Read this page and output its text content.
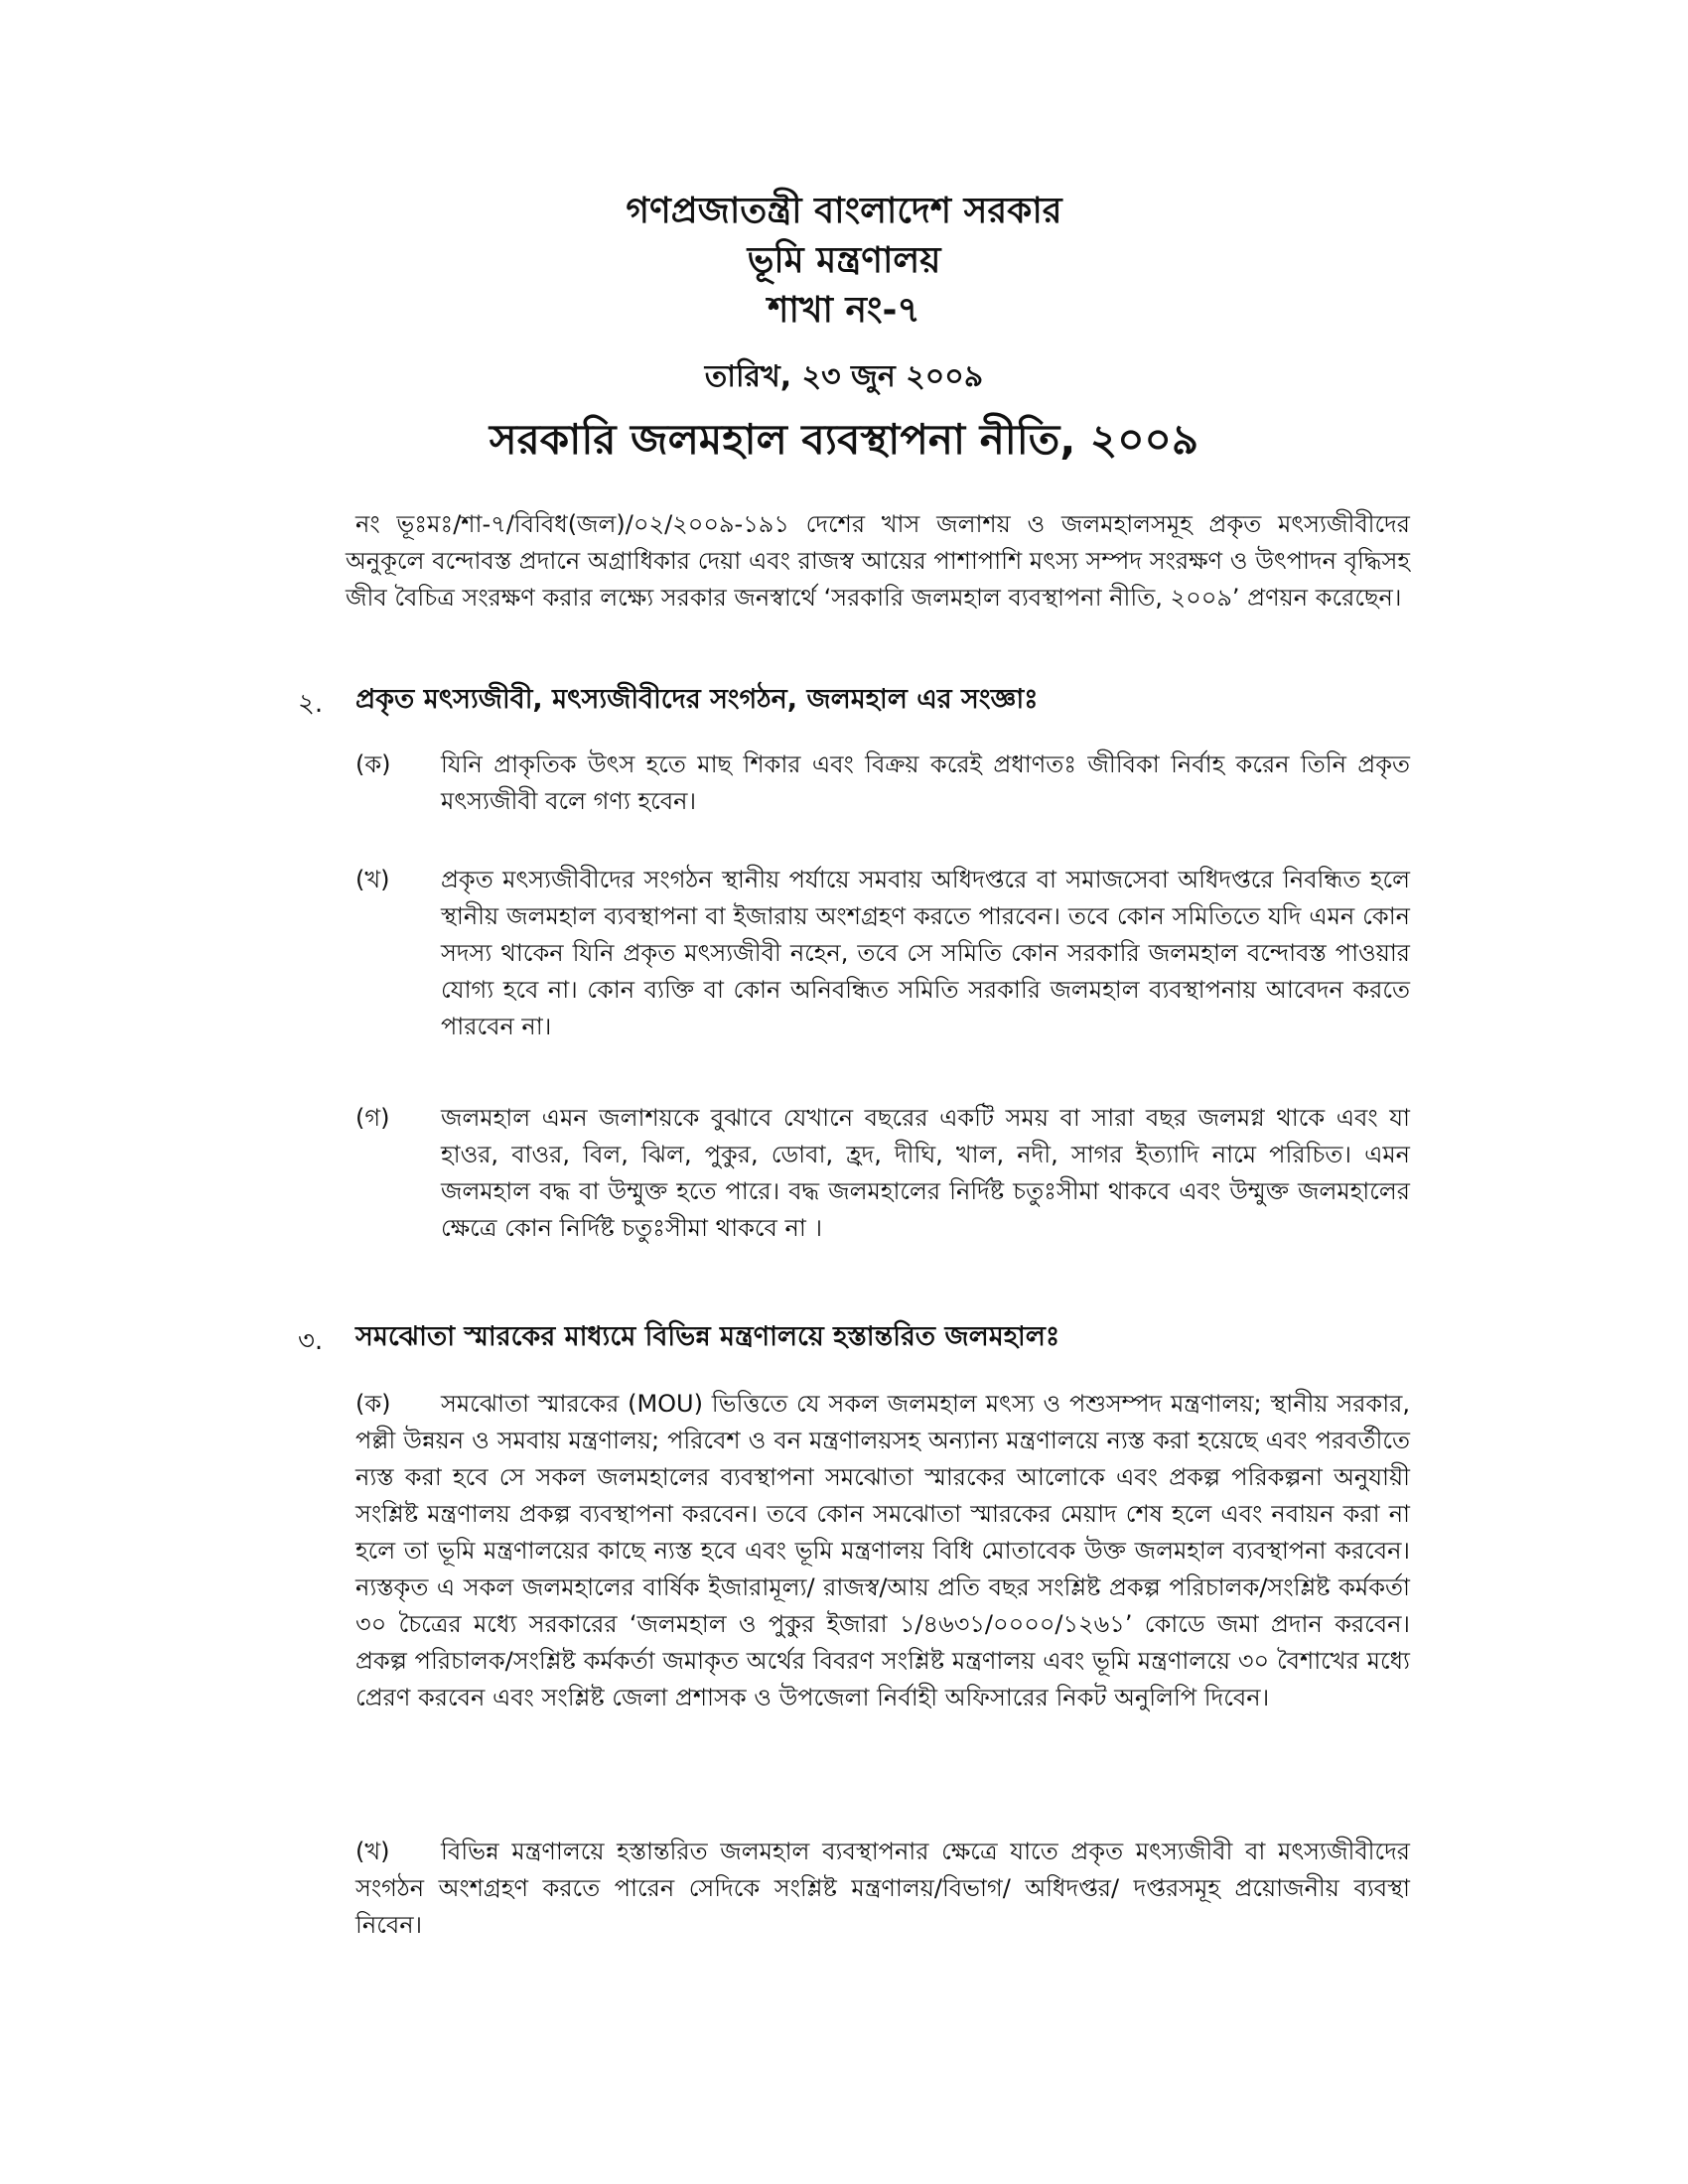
গণপ্রজাতন্ত্রী বাংলাদেশ সরকার
ভূমি মন্ত্রণালয়
শাখা নং-৭
তারিখ, ২৩ জুন ২০০৯
সরকারি জলমহাল ব্যবস্থাপনা নীতি, ২০০৯
নং ভূঃমঃ/শা-৭/বিবিধ(জল)/০২/২০০৯-১৯১ দেশের খাস জলাশয় ও জলমহালসমূহ প্রকৃত মৎস্যজীবীদের অনুকূলে বন্দোবস্ত প্রদানে অগ্রাধিকার দেয়া এবং রাজস্ব আয়ের পাশাপাশি মৎস্য সম্পদ সংরক্ষণ ও উৎপাদন বৃদ্ধিসহ জীব বৈচিত্র সংরক্ষণ করার লক্ষ্যে সরকার জনস্বার্থে ‘সরকারি জলমহাল ব্যবস্থাপনা নীতি, ২০০৯’ প্রণয়ন করেছেন।
২. প্রকৃত মৎস্যজীবী, মৎস্যজীবীদের সংগঠন, জলমহাল এর সংজ্ঞাঃ
(ক) যিনি প্রাকৃতিক উৎস হতে মাছ শিকার এবং বিক্রয় করেই প্রধাণতঃ জীবিকা নির্বাহ করেন তিনি প্রকৃত মৎস্যজীবী বলে গণ্য হবেন।
(খ) প্রকৃত মৎস্যজীবীদের সংগঠন স্থানীয় পর্যায়ে সমবায় অধিদপ্তরে বা সমাজসেবা অধিদপ্তরে নিবন্ধিত হলে স্থানীয় জলমহাল ব্যবস্থাপনা বা ইজারায় অংশগ্রহণ করতে পারবেন। তবে কোন সমিতিতে যদি এমন কোন সদস্য থাকেন যিনি প্রকৃত মৎস্যজীবী নহেন, তবে সে সমিতি কোন সরকারি জলমহাল বন্দোবস্ত পাওয়ার যোগ্য হবে না। কোন ব্যক্তি বা কোন অনিবন্ধিত সমিতি সরকারি জলমহাল ব্যবস্থাপনায় আবেদন করতে পারবেন না।
(গ) জলমহাল এমন জলাশয়কে বুঝাবে যেখানে বছরের একটি সময় বা সারা বছর জলমগ্ন থাকে এবং যা হাওর, বাওর, বিল, ঝিল, পুকুর, ডোবা, হ্রদ, দীঘি, খাল, নদী, সাগর ইত্যাদি নামে পরিচিত। এমন জলমহাল বদ্ধ বা উম্মুক্ত হতে পারে। বদ্ধ জলমহালের নির্দিষ্ট চতুঃসীমা থাকবে এবং উম্মুক্ত জলমহালের ক্ষেত্রে কোন নির্দিষ্ট চতুঃসীমা থাকবে না ।
৩. সমঝোতা স্মারকের মাধ্যমে বিভিন্ন মন্ত্রণালয়ে হস্তান্তরিত জলমহালঃ
(ক)	সমঝোতা স্মারকের (MOU) ভিত্তিতে যে সকল জলমহাল মৎস্য ও পশুসম্পদ মন্ত্রণালয়; স্থানীয় সরকার, পল্লী উন্নয়ন ও সমবায় মন্ত্রণালয়; পরিবেশ ও বন মন্ত্রণালয়সহ অন্যান্য মন্ত্রণালয়ে ন্যস্ত করা হয়েছে এবং পরবর্তীতে ন্যস্ত করা হবে সে সকল জলমহালের ব্যবস্থাপনা সমঝোতা স্মারকের আলোকে এবং প্রকল্প পরিকল্পনা অনুযায়ী সংশ্লিষ্ট মন্ত্রণালয় প্রকল্প ব্যবস্থাপনা করবেন। তবে কোন সমঝোতা স্মারকের মেয়াদ শেষ হলে এবং নবায়ন করা না হলে তা ভূমি মন্ত্রণালয়ের কাছে ন্যস্ত হবে এবং ভূমি মন্ত্রণালয় বিধি মোতাবেক উক্ত জলমহাল ব্যবস্থাপনা করবেন। ন্যস্তকৃত এ সকল জলমহালের বার্ষিক ইজারামূল্য/ রাজস্ব/আয় প্রতি বছর সংশ্লিষ্ট প্রকল্প পরিচালক/সংশ্লিষ্ট কর্মকর্তা ৩০ চৈত্রের মধ্যে সরকারের ‘জলমহাল ও পুকুর ইজারা ১/৪৬৩১/০০০০/১২৬১’ কোডে জমা প্রদান করবেন। প্রকল্প পরিচালক/সংশ্লিষ্ট কর্মকর্তা জমাকৃত অর্থের বিবরণ সংশ্লিষ্ট মন্ত্রণালয় এবং ভূমি মন্ত্রণালয়ে ৩০ বৈশাখের মধ্যে প্রেরণ করবেন এবং সংশ্লিষ্ট জেলা প্রশাসক ও উপজেলা নির্বাহী অফিসারের নিকট অনুলিপি দিবেন।
(খ)	বিভিন্ন মন্ত্রণালয়ে হস্তান্তরিত জলমহাল ব্যবস্থাপনার ক্ষেত্রে যাতে প্রকৃত মৎস্যজীবী বা মৎস্যজীবীদের সংগঠন অংশগ্রহণ করতে পারেন সেদিকে সংশ্লিষ্ট মন্ত্রণালয়/বিভাগ/ অধিদপ্তর/ দপ্তরসমূহ প্রয়োজনীয় ব্যবস্থা নিবেন।
